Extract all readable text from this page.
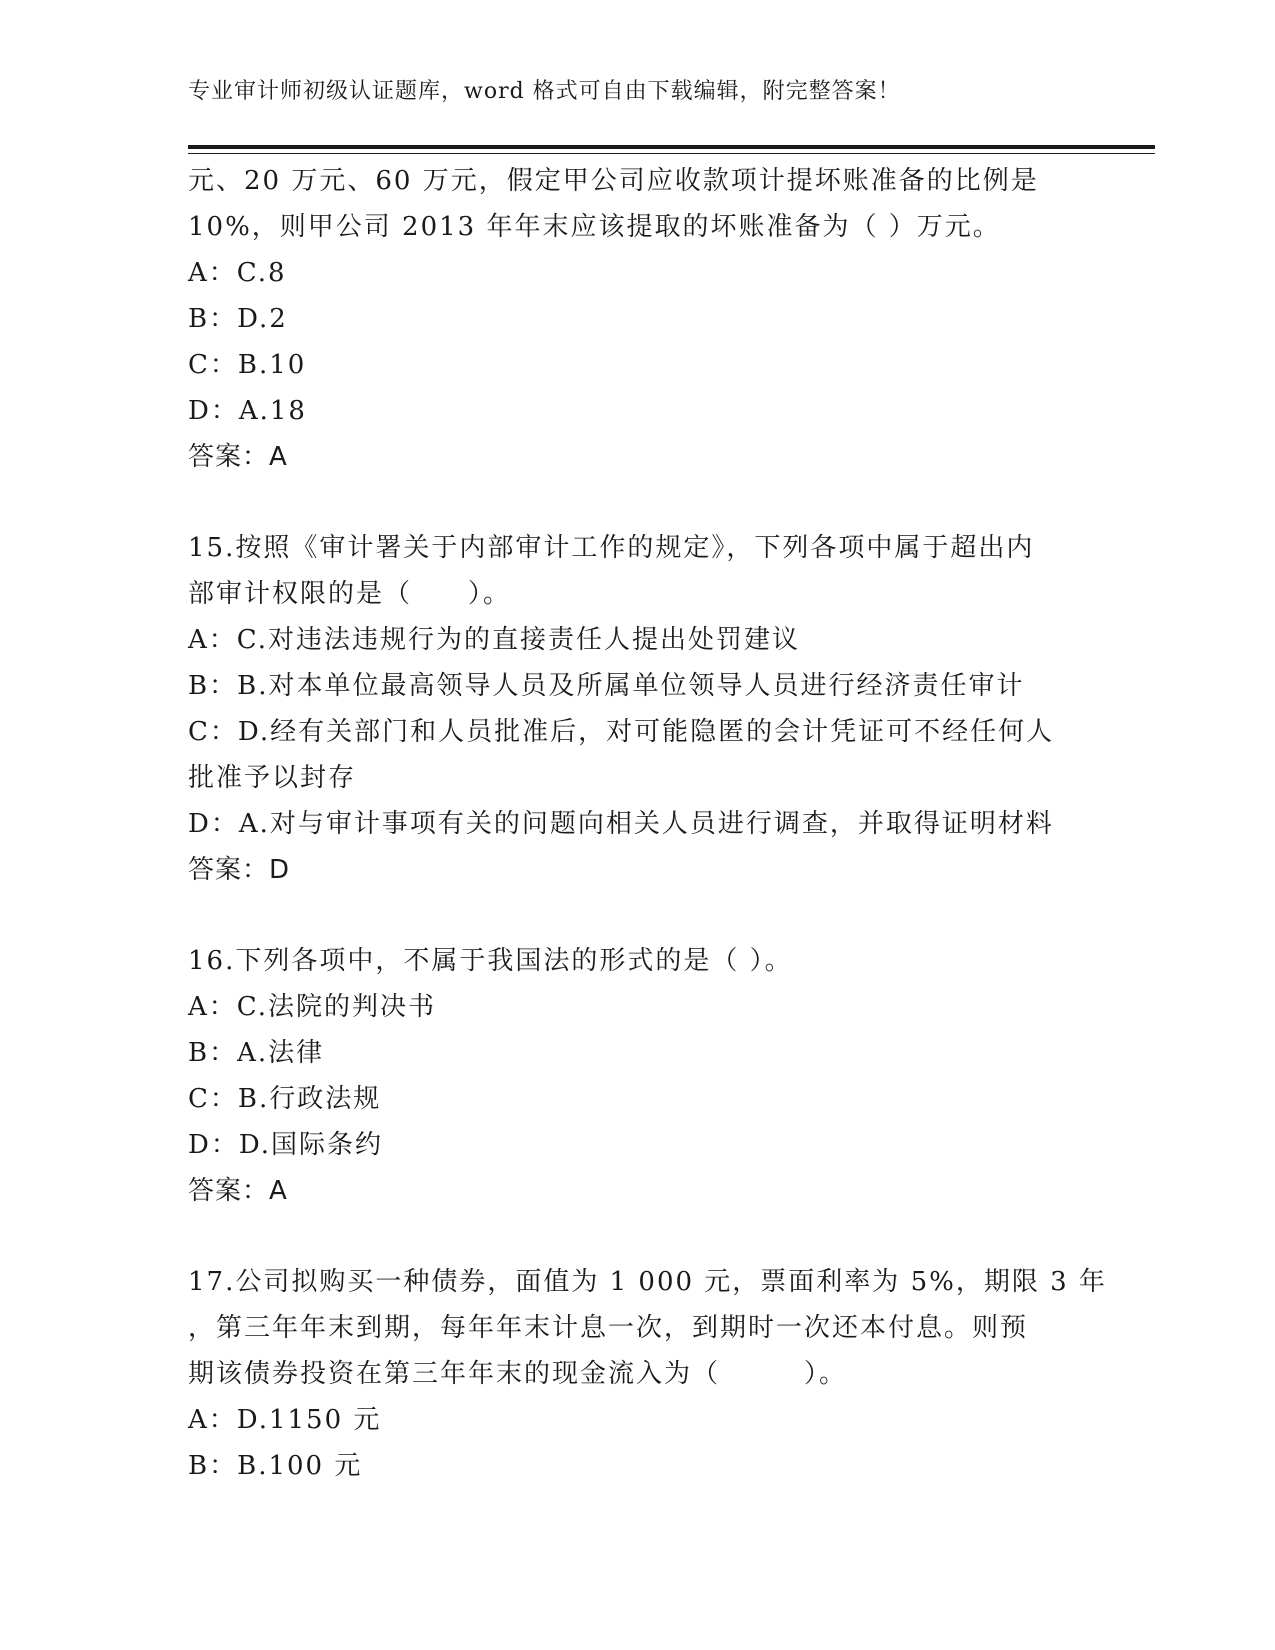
专业审计师初级认证题库，word 格式可自由下载编辑，附完整答案！
元、20 万元、60 万元，假定甲公司应收款项计提坏账准备的比例是
10%，则甲公司 2013 年年末应该提取的坏账准备为（ ）万元。
A：C.8
B：D.2
C：B.10
D：A.18
答案：A
15.按照《审计署关于内部审计工作的规定》，下列各项中属于超出内
部审计权限的是（　　）。
A：C.对违法违规行为的直接责任人提出处罚建议
B：B.对本单位最高领导人员及所属单位领导人员进行经济责任审计
C：D.经有关部门和人员批准后，对可能隐匿的会计凭证可不经任何人
批准予以封存
D：A.对与审计事项有关的问题向相关人员进行调查，并取得证明材料
答案：D
16.下列各项中，不属于我国法的形式的是（ ）。
A：C.法院的判决书
B：A.法律
C：B.行政法规
D：D.国际条约
答案：A
17.公司拟购买一种债券，面值为 1 000 元，票面利率为 5%，期限 3 年
，第三年年末到期，每年年末计息一次，到期时一次还本付息。则预
期该债券投资在第三年年末的现金流入为（　　　）。
A：D.1150 元
B：B.100 元
